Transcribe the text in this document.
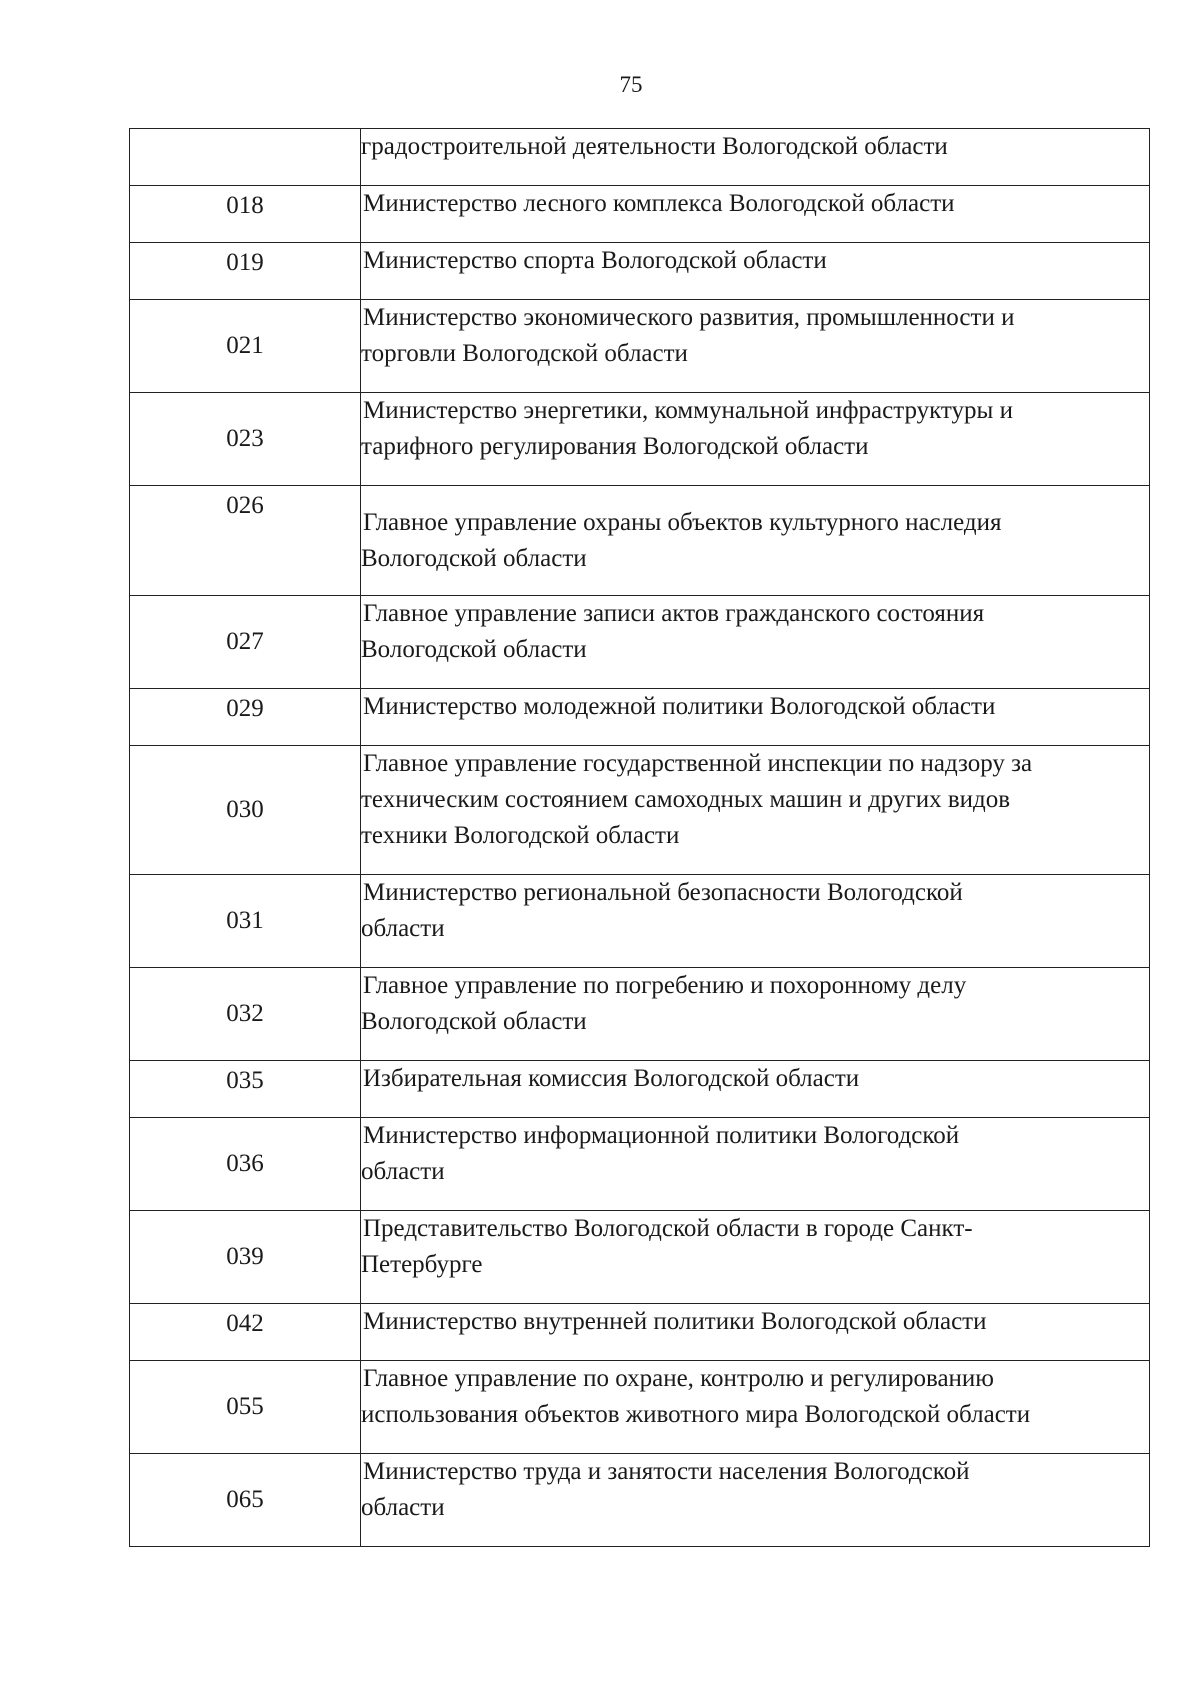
75

	градостроительной деятельности Вологодской области

018	Министерство лесного комплекса Вологодской области

019	Министерство спорта Вологодской области

021	Министерство экономического развития, промышленности и
торговли Вологодской области

023	Министерство энергетики, коммунальной инфраструктуры и
тарифного регулирования Вологодской области

026	Главное управление охраны объектов культурного наследия
Вологодской области

027	Главное управление записи актов гражданского состояния
Вологодской области

029	Министерство молодежной политики Вологодской области

030	Главное управление государственной инспекции по надзору за
техническим состоянием самоходных машин и других видов
техники Вологодской области

031	Министерство региональной безопасности Вологодской
области

032	Главное управление по погребению и похоронному делу
Вологодской области

035	Избирательная комиссия Вологодской области

036	Министерство информационной политики Вологодской
области

039	Представительство Вологодской области в городе Санкт-
Петербурге

042	Министерство внутренней политики Вологодской области

055	Главное управление по охране, контролю и регулированию
использования объектов животного мира Вологодской области

065	Министерство труда и занятости населения Вологодской
области
